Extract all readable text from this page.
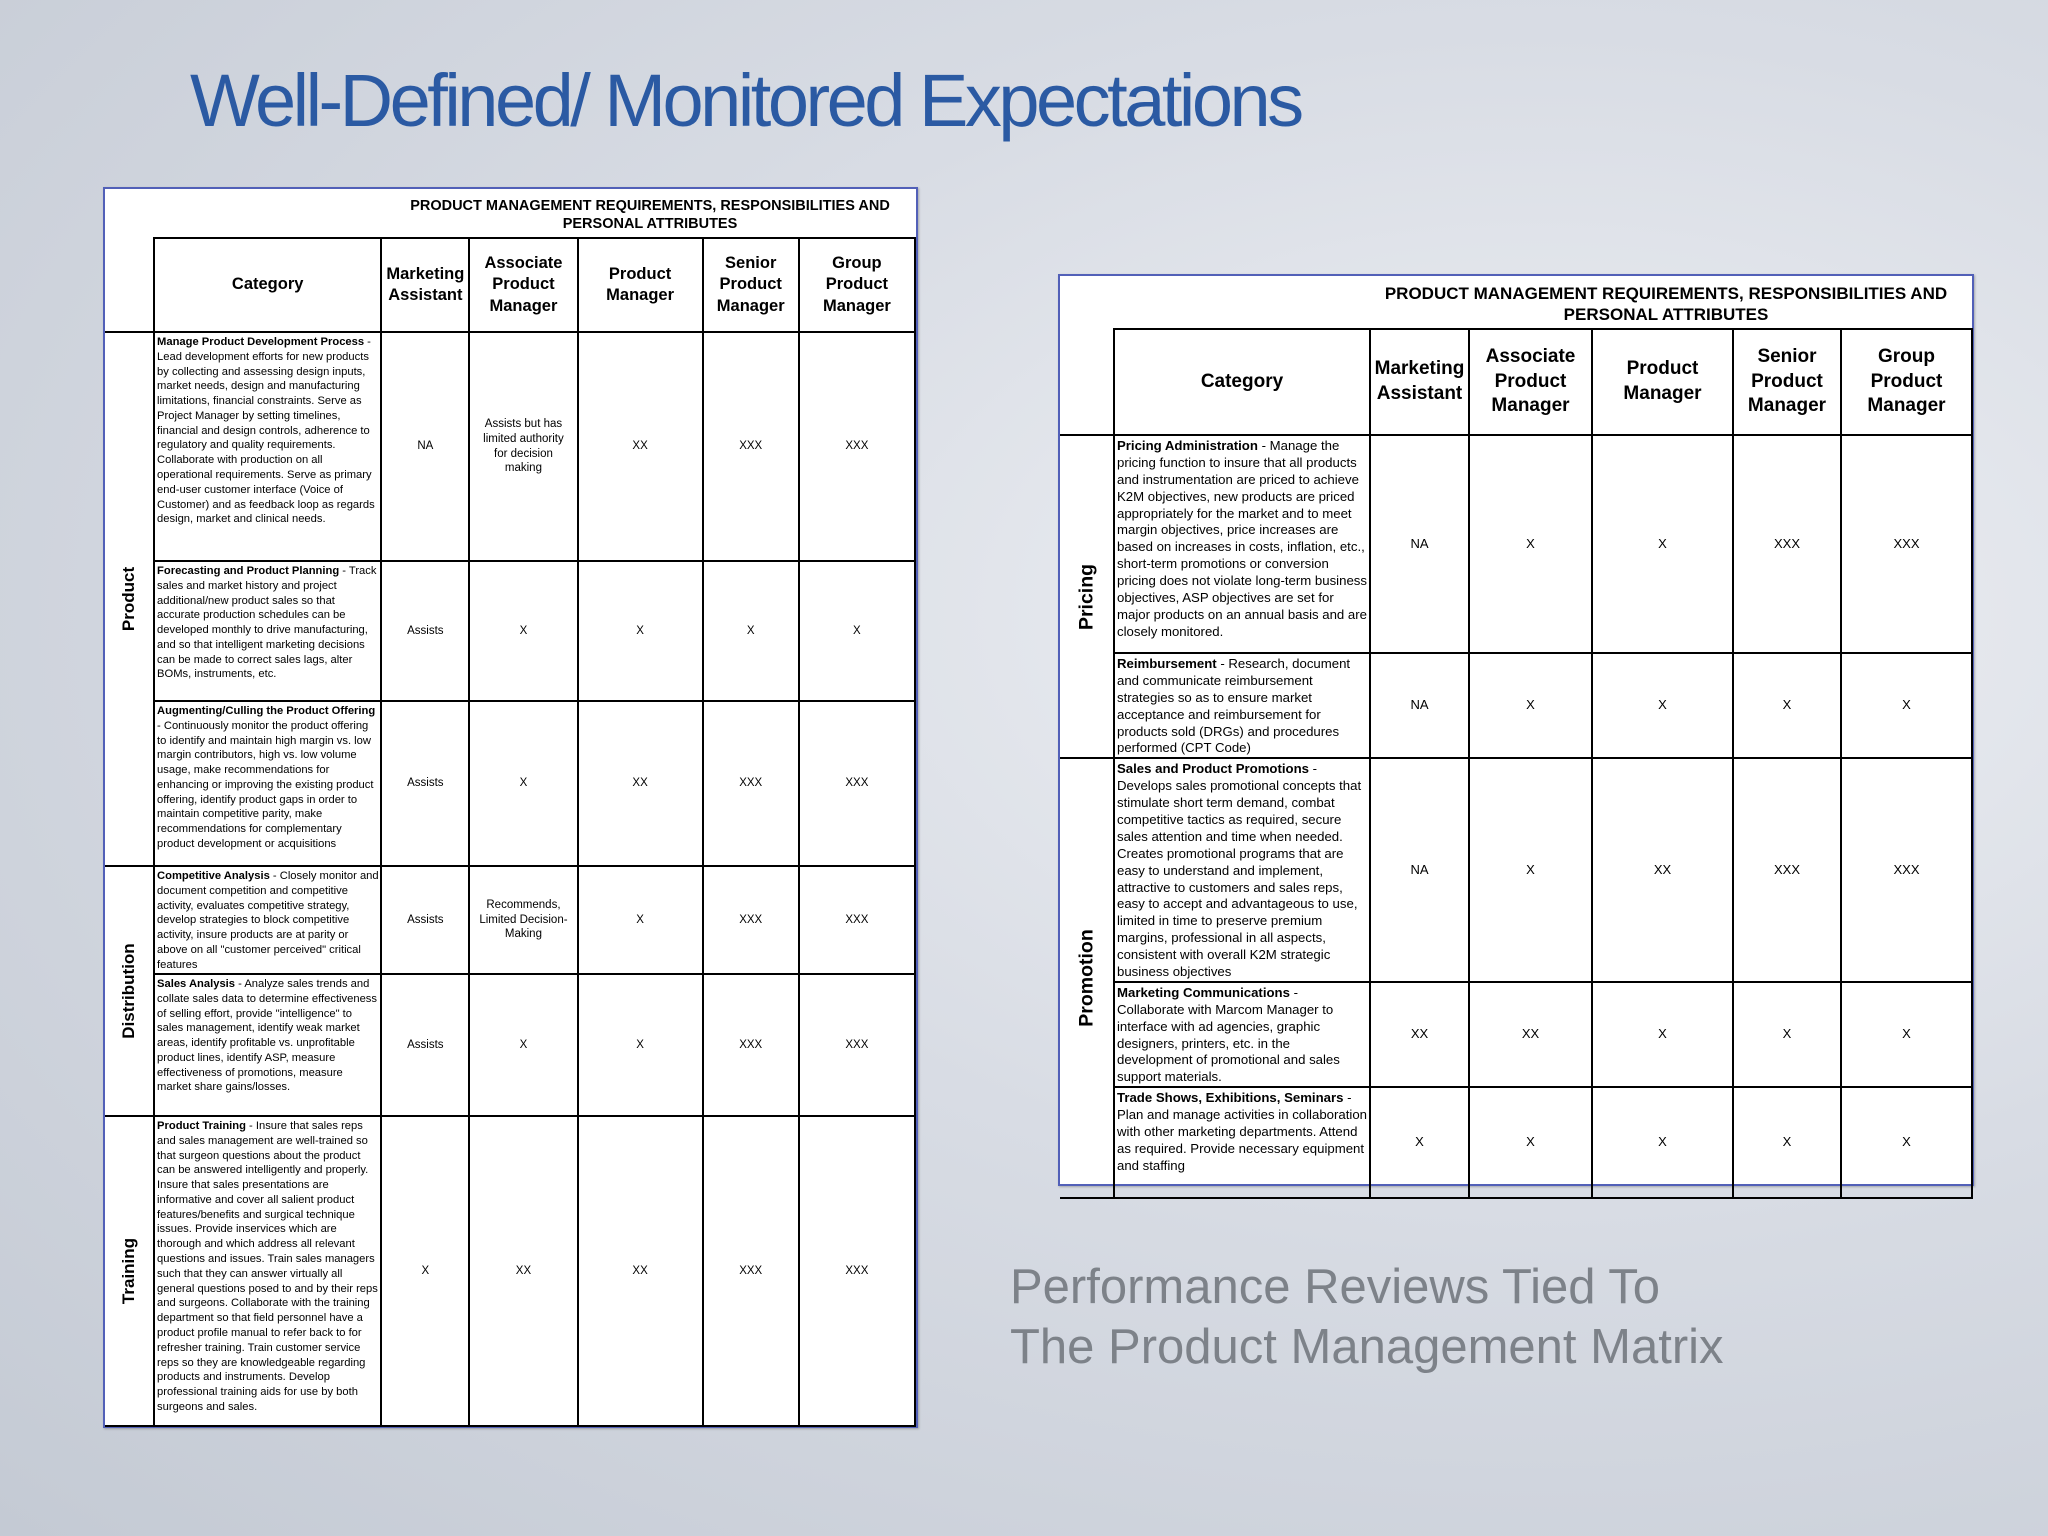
Well-Defined/ Monitored Expectations
PRODUCT MANAGEMENT REQUIREMENTS, RESPONSIBILITIES AND PERSONAL ATTRIBUTES						
	Category	Marketing Assistant	Associate Product Manager	Product Manager	Senior Product Manager	Group Product Manager

Product	Manage Product Development Process - Lead development efforts for new products by collecting and assessing design inputs, market needs, design and manufacturing limitations, financial constraints. Serve as Project Manager by setting timelines, financial and design controls, adherence to regulatory and quality requirements. Collaborate with production on all operational requirements. Serve as primary end-user customer interface (Voice of Customer) and as feedback loop as regards design, market and clinical needs.	NA	Assists but has limited authority for decision making	XX	XXX	XXX
	Forecasting and Product Planning - Track sales and market history and project additional/new product sales so that accurate production schedules can be developed monthly to drive manufacturing, and so that intelligent marketing decisions can be made to correct sales lags, alter BOMs, instruments, etc.	Assists	X	X	X	X
	Augmenting/Culling the Product Offering - Continuously monitor the product offering to identify and maintain high margin vs. low margin contributors, high vs. low volume usage, make recommendations for enhancing or improving the existing product offering, identify product gaps in order to maintain competitive parity, make recommendations for complementary product development or acquisitions	Assists	X	XX	XXX	XXX

Distribution	Competitive Analysis - Closely monitor and document competition and competitive activity, evaluates competitive strategy, develop strategies to block competitive activity, insure products are at parity or above on all "customer perceived" critical features	Assists	Recommends, Limited Decision-Making	X	XXX	XXX
	Sales Analysis - Analyze sales trends and collate sales data to determine effectiveness of selling effort, provide "intelligence" to sales management, identify weak market areas, identify profitable vs. unprofitable product lines, identify ASP, measure effectiveness of promotions, measure market share gains/losses.	Assists	X	X	XXX	XXX

Training	Product Training - Insure that sales reps and sales management are well-trained so that surgeon questions about the product can be answered intelligently and properly. Insure that sales presentations are informative and cover all salient product features/benefits and surgical technique issues. Provide inservices which are thorough and which address all relevant questions and issues. Train sales managers such that they can answer virtually all general questions posed to and by their reps and surgeons. Collaborate with the training department so that field personnel have a product profile manual to refer back to for refresher training. Train customer service reps so they are knowledgeable regarding products and instruments. Develop professional training aids for use by both surgeons and sales.	X	XX	XX	XXX	XXX
PRODUCT MANAGEMENT REQUIREMENTS, RESPONSIBILITIES AND PERSONAL ATTRIBUTES						
	Category	Marketing Assistant	Associate Product Manager	Product Manager	Senior Product Manager	Group Product Manager

Pricing	Pricing Administration - Manage the pricing function to insure that all products and instrumentation are priced to achieve K2M objectives, new products are priced appropriately for the market and to meet margin objectives, price increases are based on increases in costs, inflation, etc., short-term promotions or conversion pricing does not violate long-term business objectives, ASP objectives are set for major products on an annual basis and are closely monitored.	NA	X	X	XXX	XXX
	Reimbursement - Research, document and communicate reimbursement strategies so as to ensure market acceptance and reimbursement for products sold (DRGs) and procedures performed (CPT Code)	NA	X	X	X	X

Promotion	Sales and Product Promotions - Develops sales promotional concepts that stimulate short term demand, combat competitive tactics as required, secure sales attention and time when needed. Creates promotional programs that are easy to understand and implement, attractive to customers and sales reps, easy to accept and advantageous to use, limited in time to preserve premium margins, professional in all aspects, consistent with overall K2M strategic business objectives	NA	X	XX	XXX	XXX
	Marketing Communications - Collaborate with Marcom Manager to interface with ad agencies, graphic designers, printers, etc. in the development of promotional and sales support materials.	XX	XX	X	X	X
	Trade Shows, Exhibitions, Seminars - Plan and manage activities in collaboration with other marketing departments. Attend as required. Provide necessary equipment and staffing	X	X	X	X	X
Performance Reviews Tied To
The Product Management Matrix
